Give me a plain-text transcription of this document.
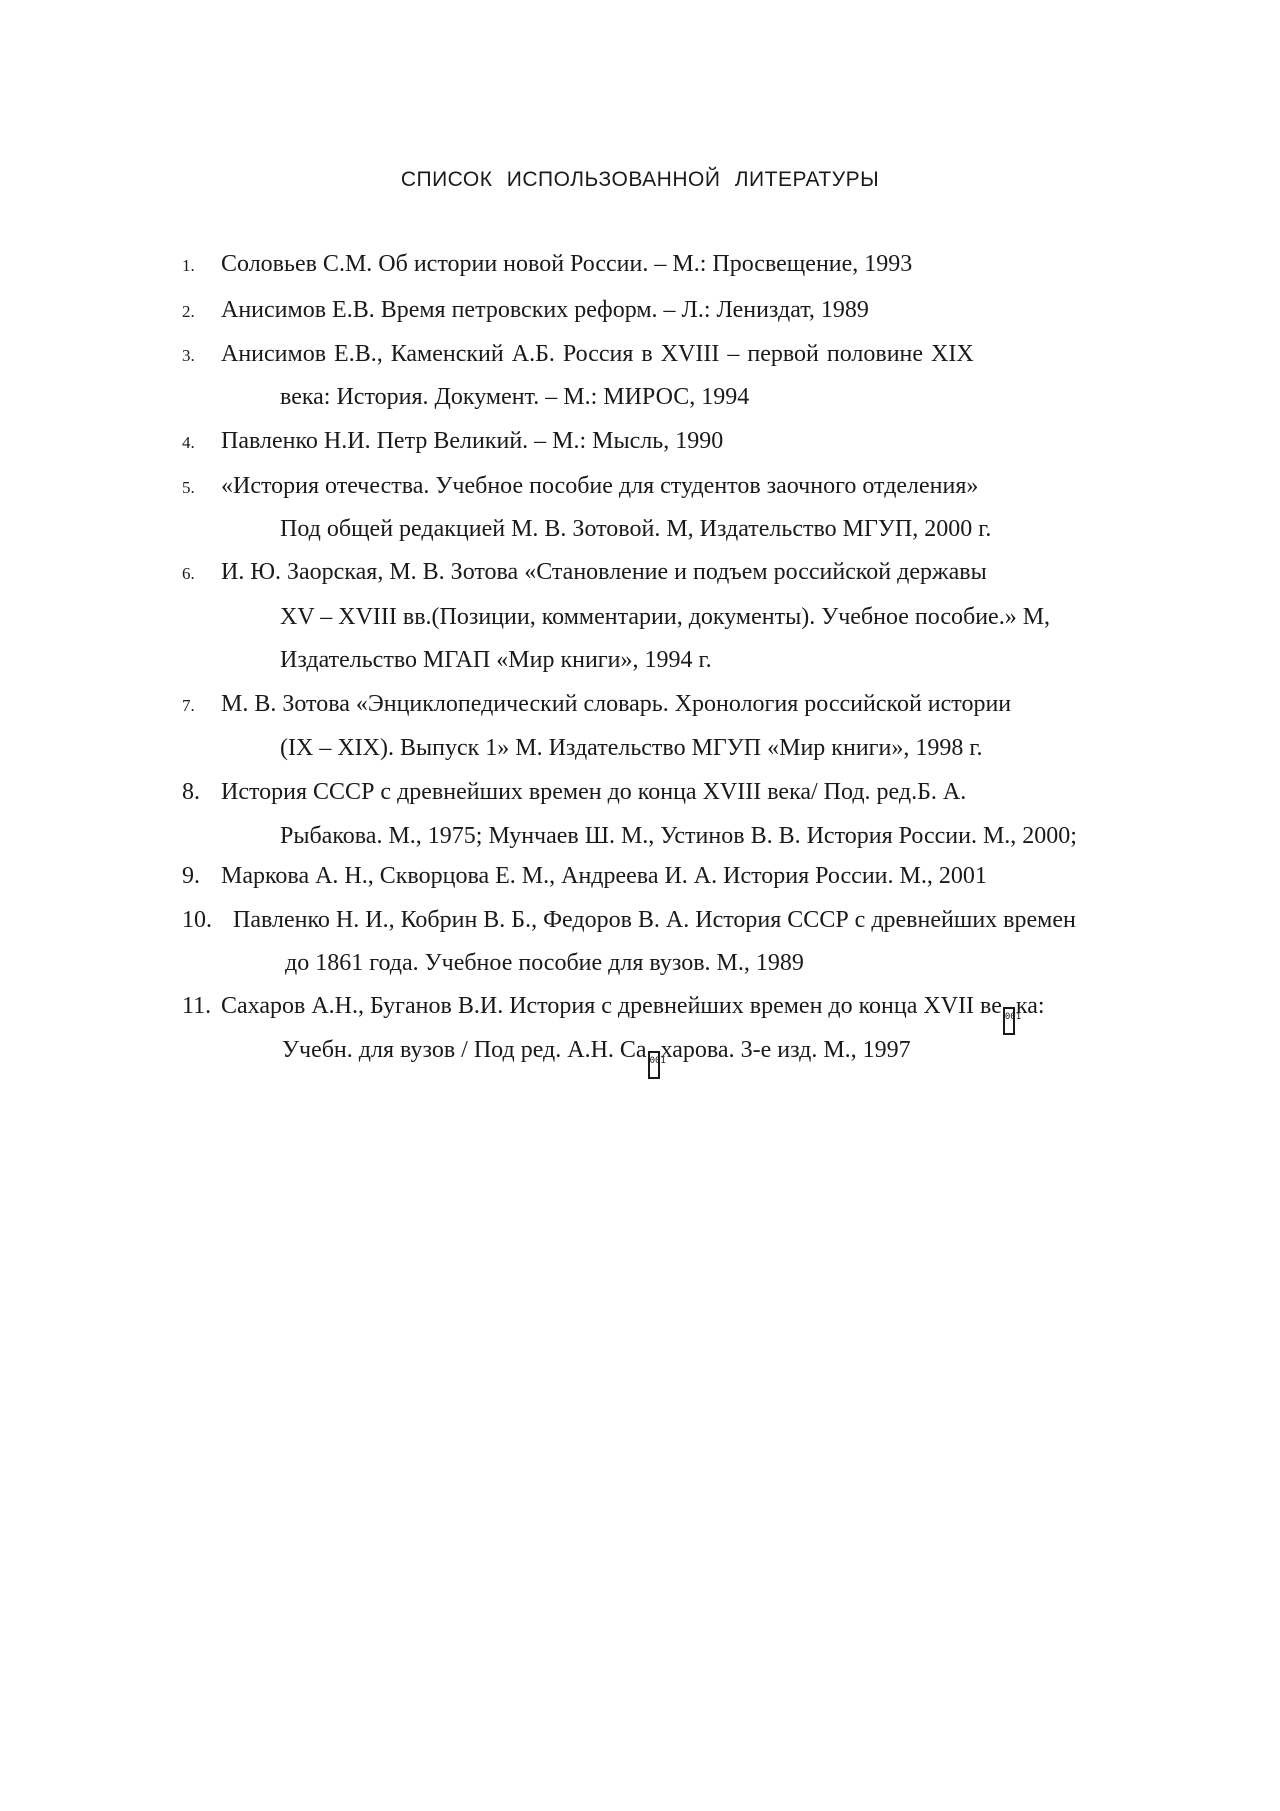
СПИСОК ИСПОЛЬЗОВАННОЙ ЛИТЕРАТУРЫ
1. Соловьев С.М. Об истории новой России. – М.: Просвещение, 1993
2. Анисимов Е.В. Время петровских реформ. – Л.: Лениздат, 1989
3. Анисимов Е.В., Каменский А.Б. Россия в XVIII – первой половине XIX
века: История. Документ. – М.: МИРОС, 1994
4. Павленко Н.И. Петр Великий. – М.: Мысль, 1990
5. «История отечества. Учебное пособие для студентов заочного отделения»
Под общей редакцией М. В. Зотовой. М, Издательство МГУП, 2000 г.
6. И. Ю. Заорская, М. В. Зотова «Становление и подъем российской державы
XV – XVIII вв.(Позиции, комментарии, документы). Учебное пособие.» М,
Издательство МГАП «Мир книги», 1994 г.
7. М. В. Зотова «Энциклопедический словарь. Хронология российской истории
(IX – XIX). Выпуск 1» М. Издательство МГУП «Мир книги», 1998 г.
8. История СССР с древнейших времен до конца XVIII века/ Под. ред.Б. А.
Рыбакова. М., 1975; Мунчаев Ш. М., Устинов В. В. История России. М., 2000;
9. Маркова А. Н., Скворцова Е. М., Андреева И. А. История России. М., 2001
10. Павленко Н. И., Кобрин В. Б., Федоров В. А. История СССР с древнейших времен
до 1861 года. Учебное пособие для вузов. М., 1989
11. Сахаров А.Н., Буганов В.И. История с древнейших времен до конца XVII ве 001
ка:
Учебн. для вузов / Под ред. А.Н. Са 001
харова. 3-е изд. М., 1997
